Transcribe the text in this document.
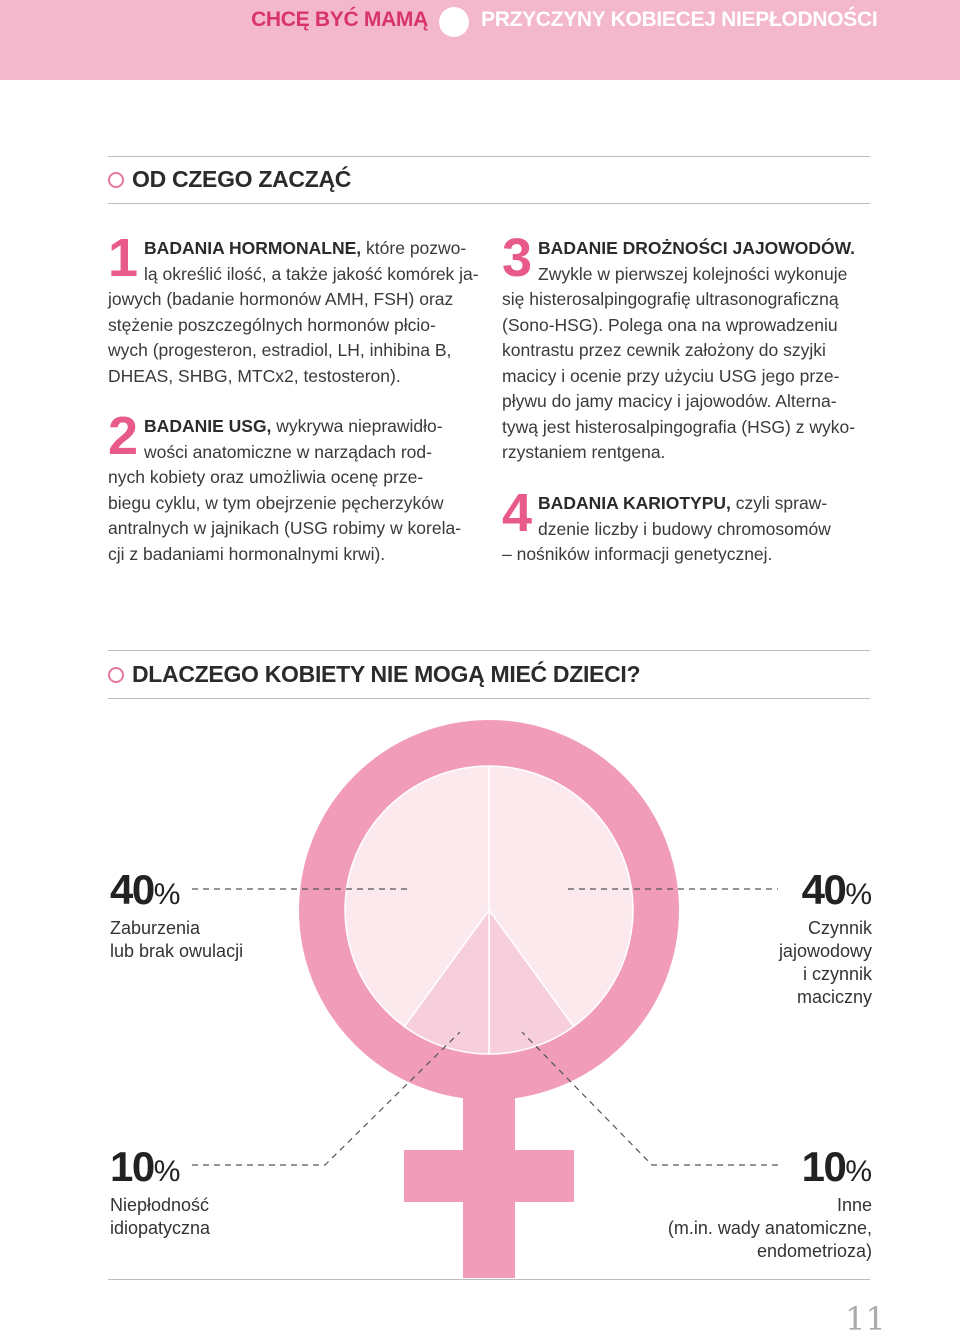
CHCĘ BYĆ MAMĄ	PRZYCZYNY KOBIECEJ NIEPŁODNOŚCI
OD CZEGO ZACZĄĆ
1 BADANIA HORMONALNE, które pozwo-

lą określić ilość, a także jakość komórek ja-

jowych (badanie hormonów AMH, FSH) oraz

stężenie poszczególnych hormonów płcio-

wych (progesteron, estradiol, LH, inhibina B,

DHEAS, SHBG, MTCx2, testosteron).

2 BADANIE USG, wykrywa nieprawidło-

wości anatomiczne w narządach rod-

nych kobiety oraz umożliwia ocenę prze-

biegu cyklu, w tym obejrzenie pęcherzyków

antralnych w jajnikach (USG robimy w korela-

cji z badaniami hormonalnymi krwi).

3 BADANIE DROŻNOŚCI JAJOWODÓW.

Zwykle w pierwszej kolejności wykonuje

się histerosalpingografię ultrasonograficzną

(Sono-HSG). Polega ona na wprowadzeniu

kontrastu przez cewnik założony do szyjki

macicy i ocenie przy użyciu USG jego prze-

pływu do jamy macicy i jajowodów. Alterna-

tywą jest histerosalpingografia (HSG) z wyko-

rzystaniem rentgena.

4 BADANIA KARIOTYPU, czyli spraw-

dzenie liczby i budowy chromosomów

– nośników informacji genetycznej.

DLACZEGO KOBIETY NIE MOGĄ MIEĆ DZIECI?
40%
Zaburzenia
lub brak owulacji
40%
Czynnik
jajowodowy
i czynnik
maciczny
10%
Niepłodność
idiopatyczna
10%
Inne
(m.in. wady anatomiczne,
endometrioza)
11
